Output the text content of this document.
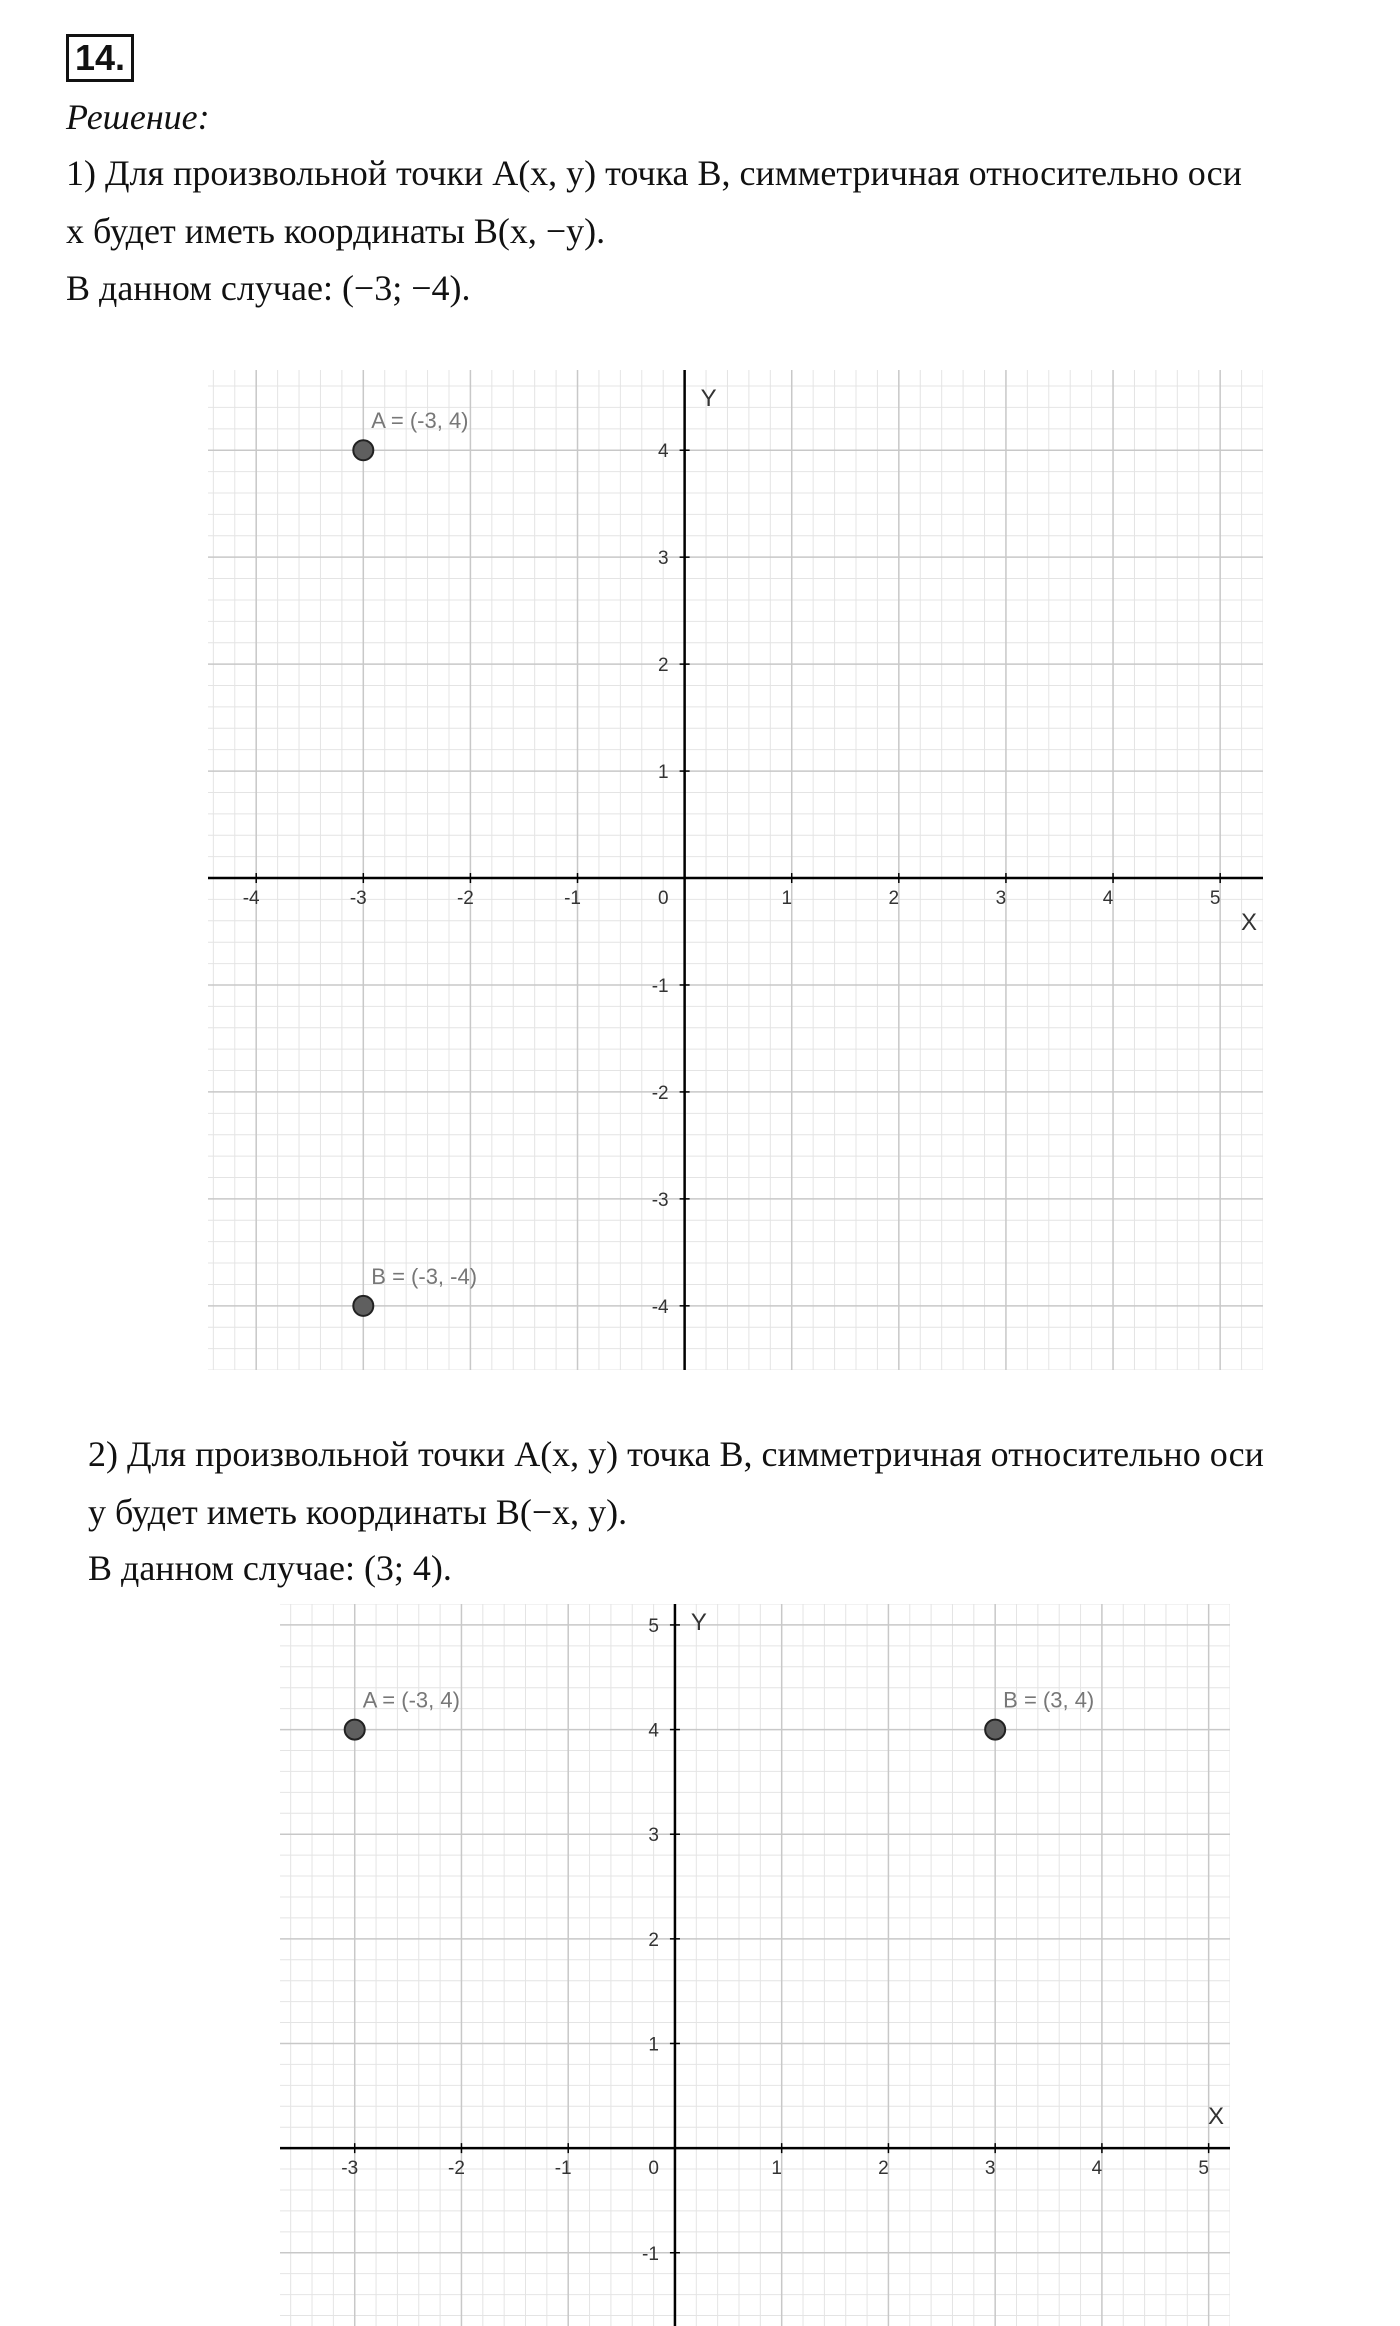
14.
Решение:
1) Для произвольной точки A(x, y) точка B, симметричная относительно оси
x будет иметь координаты B(x, −y).
В данном случае: (−3; −4).
-4	-3	-2	-1	1	2	3	4	5
-4
-3
-2
-1
1
2
3
4
0
X
Y
A = (-3, 4)
B = (-3, -4)
2) Для произвольной точки A(x, y) точка B, симметричная относительно оси
y будет иметь координаты B(−x, y).
В данном случае: (3; 4).
-3	-2	-1	1	2	3	4	5
-1
1
2
3
4
5
0
X
Y
A = (-3, 4)	B = (3, 4)
